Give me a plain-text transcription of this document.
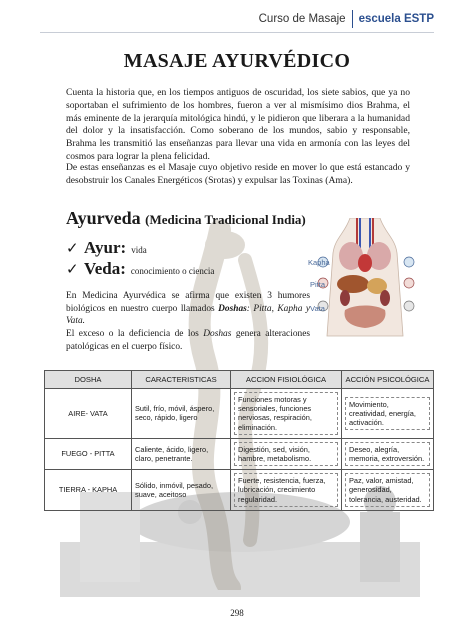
Curso de Masaje	escuela ESTP
MASAJE AYURVÉDICO
Cuenta la historia que, en los tiempos antiguos de oscuridad, los siete sabios, que ya no soportaban el sufrimiento de los hombres, fueron a ver al mismísimo dios Brahma, el más eminente de la jerarquía mitológica hindú, y le pidieron que liberara a la humanidad del dolor y la insatisfacción. Como soberano de los mundos, sabio y responsable, Brahma les transmitió las enseñanzas para llevar una vida en armonía con las leyes del cosmos para lograr la plena felicidad.
De estas enseñanzas es el Masaje cuyo objetivo reside en mover lo que está estancado y desobstruir los Canales Energéticos (Srotas) y expulsar las Toxinas (Ama).
Ayurveda (Medicina Tradicional India)
✓ Ayur: vida
✓ Veda: conocimiento o ciencia
En Medicina Ayurvédica se afirma que existen 3 humores biológicos en nuestro cuerpo llamados Doshas: Pitta, Kapha y Vata.
El exceso o la deficiencia de los Doshas genera alteraciones patológicas en el cuerpo físico.
Kapha
Pitta
Vata
DOSHA	CARACTERISTICAS	ACCION FISIOLÓGICA	ACCIÓN PSICOLÓGICA
AIRE- VATA	Sutil, frío, móvil, áspero, seco, rápido, ligero	Funciones motoras y sensoriales, funciones nerviosas, respiración, eliminación.	Movimiento, creatividad, energía, activación.

FUEGO - PITTA	Caliente, ácido, ligero, claro, penetrante.	Digestión, sed, visión, hambre, metabolismo.	Deseo, alegría, memoria, extroversión.

TIERRA - KAPHA	Sólido, inmóvil, pesado, suave, aceitoso	Fuerte, resistencia, fuerza, lubricación, crecimiento regularidad.	Paz, valor, amistad, generosidad, tolerancia, austeridad.
298
